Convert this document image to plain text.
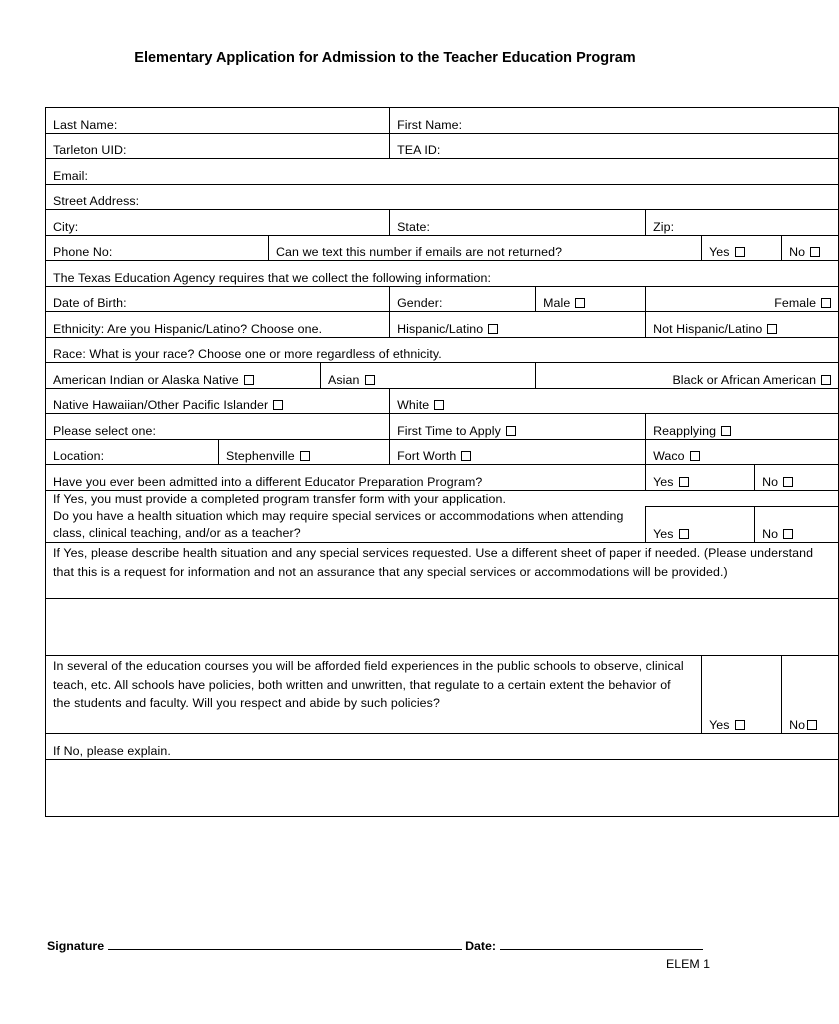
Elementary Application for Admission to the Teacher Education Program
Last Name:				First Name:					
Tarleton UID:				TEA ID:					
Email:									
Street Address:									
City:				State:		Zip:			
Phone No:		Can we text this number if emails are not returned?					Yes		No
The Texas Education Agency requires that we collect the following information:									
Date of Birth:				Gender:	Male	Female			
Ethnicity: Are you Hispanic/Latino? Choose one.				Hispanic/Latino		Not Hispanic/Latino			
Race: What is your race? Choose one or more regardless of ethnicity.									
American Indian or Alaska Native			Asian		Black or African American				
Native Hawaiian/Other Pacific Islander				White					
Please select one:				First Time to Apply		Reapplying			
Location:	Stephenville			Fort Worth		Waco			
Have you ever been admitted into a different Educator Preparation Program?						Yes		No	
If Yes, you must provide a completed program transfer form with your application.									
Do you have a health situation which may require special services or accommodations when attending class, clinical teaching, and/or as a teacher?						Yes		No	
If Yes, please describe health situation and any special services requested. Use a different sheet of paper if needed. (Please understand that this is a request for information and not an assurance that any special services or accommodations will be provided.)									

In several of the education courses you will be afforded field experiences in the public schools to observe, clinical teach, etc. All schools have policies, both written and unwritten, that regulate to a certain extent the behavior of the students and faculty. Will you respect and abide by such policies?							Yes		No
If No, please explain.									

Signature	Date:
ELEM 1
